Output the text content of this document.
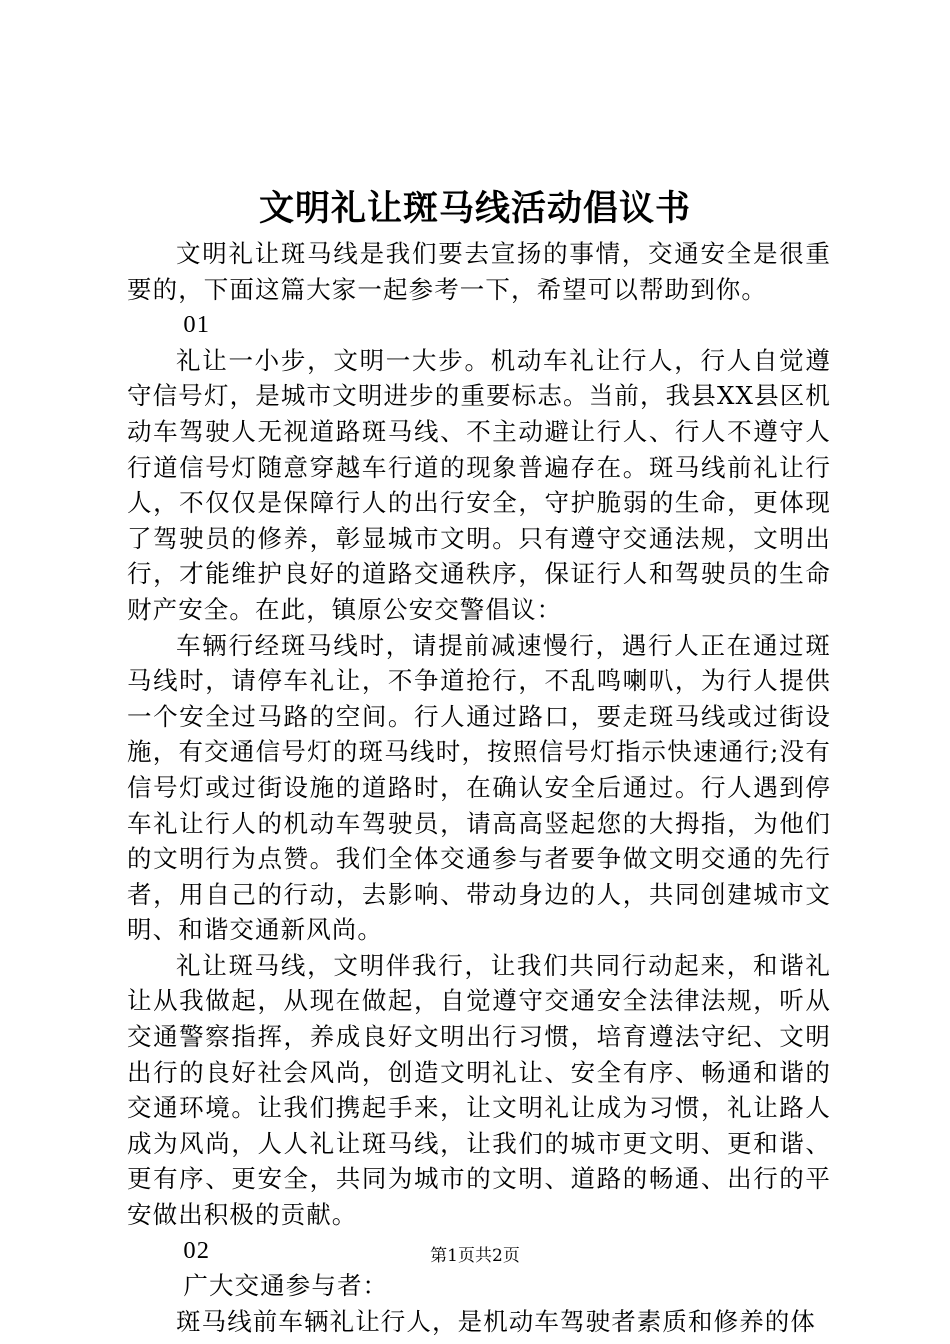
文明礼让斑马线活动倡议书

文明礼让斑马线是我们要去宣扬的事情，交通安全是很重要的，下面这篇大家一起参考一下，希望可以帮助到你。

01

礼让一小步，文明一大步。机动车礼让行人，行人自觉遵守信号灯，是城市文明进步的重要标志。当前，我县XX县区机动车驾驶人无视道路斑马线、不主动避让行人、行人不遵守人行道信号灯随意穿越车行道的现象普遍存在。斑马线前礼让行人，不仅仅是保障行人的出行安全，守护脆弱的生命，更体现了驾驶员的修养，彰显城市文明。只有遵守交通法规，文明出行，才能维护良好的道路交通秩序，保证行人和驾驶员的生命财产安全。在此，镇原公安交警倡议：

车辆行经斑马线时，请提前减速慢行，遇行人正在通过斑马线时，请停车礼让，不争道抢行，不乱鸣喇叭，为行人提供一个安全过马路的空间。行人通过路口，要走斑马线或过街设施，有交通信号灯的斑马线时，按照信号灯指示快速通行;没有信号灯或过街设施的道路时，在确认安全后通过。行人遇到停车礼让行人的机动车驾驶员，请高高竖起您的大拇指，为他们的文明行为点赞。我们全体交通参与者要争做文明交通的先行者，用自己的行动，去影响、带动身边的人，共同创建城市文明、和谐交通新风尚。

礼让斑马线，文明伴我行，让我们共同行动起来，和谐礼让从我做起，从现在做起，自觉遵守交通安全法律法规，听从交通警察指挥，养成良好文明出行习惯，培育遵法守纪、文明出行的良好社会风尚，创造文明礼让、安全有序、畅通和谐的交通环境。让我们携起手来，让文明礼让成为习惯，礼让路人成为风尚，人人礼让斑马线，让我们的城市更文明、更和谐、更有序、更安全，共同为城市的文明、道路的畅通、出行的平安做出积极的贡献。

02

广大交通参与者：

斑马线前车辆礼让行人，是机动车驾驶者素质和修养的体

第1页共2页
